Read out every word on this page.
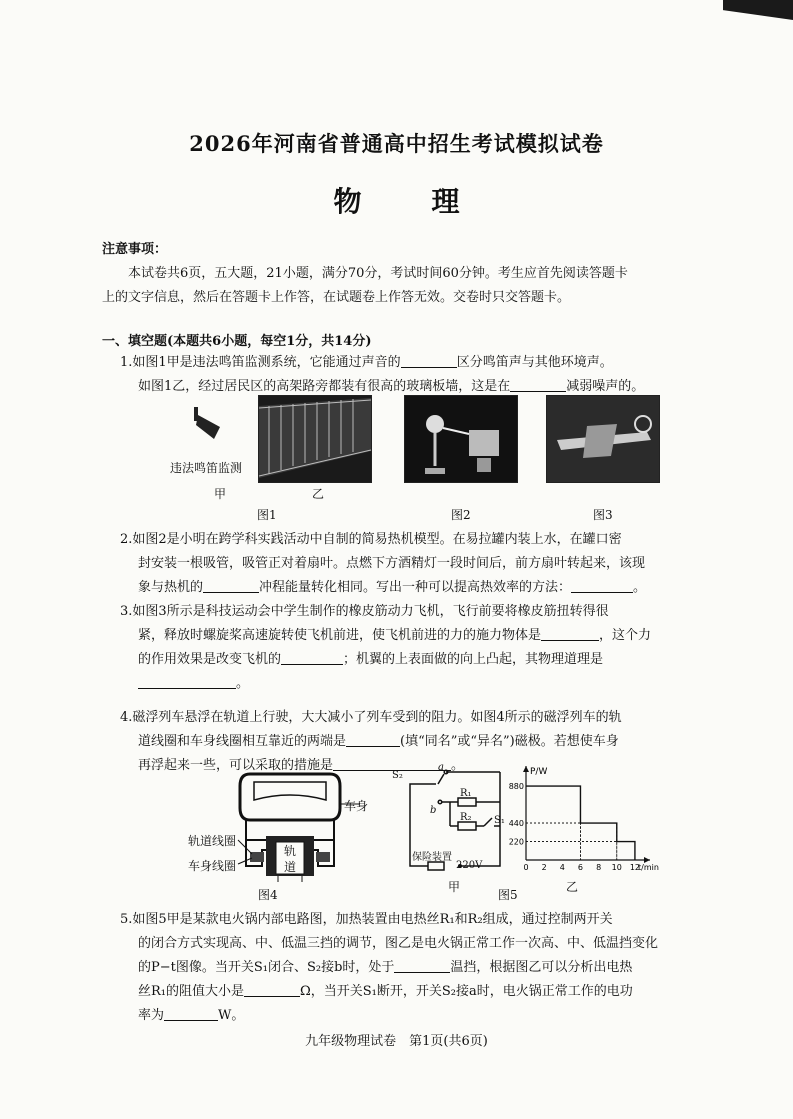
2026年河南省普通高中招生考试模拟试卷
物理
注意事项：
本试卷共6页，五大题，21小题，满分70分，考试时间60分钟。考生应首先阅读答题卡
上的文字信息，然后在答题卡上作答，在试题卷上作答无效。交卷时只交答题卡。
一、填空题(本题共6小题，每空1分，共14分)
1.如图1甲是违法鸣笛监测系统，它能通过声音的	区分鸣笛声与其他环境声。
如图1乙，经过居民区的高架路旁都装有很高的玻璃板墙，这是在	减弱噪声的。
违法鸣笛监测
甲	乙
图1	图2	图3
2.如图2是小明在跨学科实践活动中自制的简易热机模型。在易拉罐内装上水，在罐口密
封安装一根吸管，吸管正对着扇叶。点燃下方酒精灯一段时间后，前方扇叶转起来，该现
象与热机的	冲程能量转化相同。写出一种可以提高热效率的方法：	。
3.如图3所示是科技运动会中学生制作的橡皮筋动力飞机，飞行前要将橡皮筋扭转得很
紧，释放时螺旋桨高速旋转使飞机前进，使飞机前进的力的施力物体是	，这个力
的作用效果是改变飞机的	；机翼的上表面做的向上凸起，其物理道理是
。
4.磁浮列车悬浮在轨道上行驶，大大减小了列车受到的阻力。如图4所示的磁浮列车的轨
道线圈和车身线圈相互靠近的两端是	(填“同名”或“异名”)磁极。若想使车身
再浮起来一些，可以采取的措施是	。
车身
轨道线圈
车身线圈
轨
道
图4
S₂
a
b
R₁
R₂ S₁
保险装置
220V
甲
图5
P/W
t/min
0 2 4 6 8 10 12
220
440
880
乙
5.如图5甲是某款电火锅内部电路图，加热装置由电热丝R₁和R₂组成，通过控制两开关
的闭合方式实现高、中、低温三挡的调节，图乙是电火锅正常工作一次高、中、低温挡变化
的P−t图像。当开关S₁闭合、S₂接b时，处于	温挡，根据图乙可以分析出电热
丝R₁的阻值大小是	Ω，当开关S₁断开，开关S₂接a时，电火锅正常工作的电功
率为	W。
九年级物理试卷　第1页(共6页)
